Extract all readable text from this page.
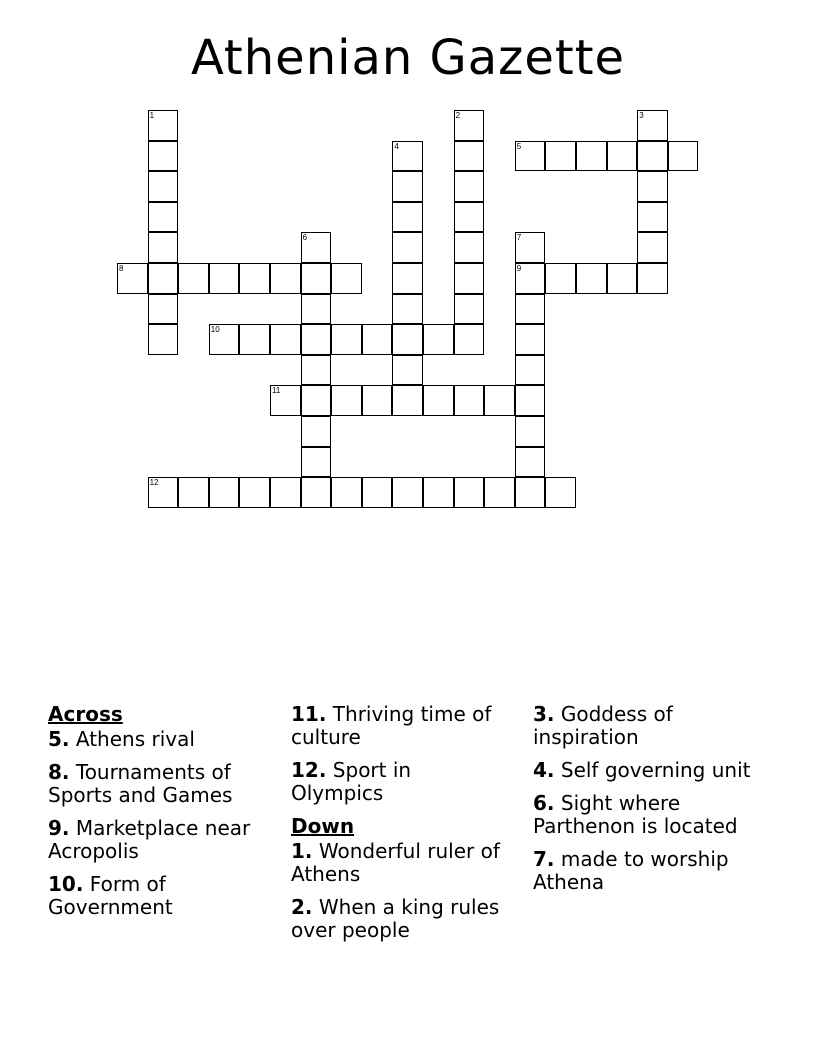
Athenian Gazette
1	2	3
4	5
6	7
9
8
10
11
12
Across
5. Athens rival
8. Tournaments of Sports and Games
9. Marketplace near Acropolis
10. Form of Government
11. Thriving time of culture
12. Sport in Olympics
Down
1. Wonderful ruler of Athens
2. When a king rules over people
3. Goddess of inspiration
4. Self governing unit
6. Sight where Parthenon is located
7. made to worship Athena
